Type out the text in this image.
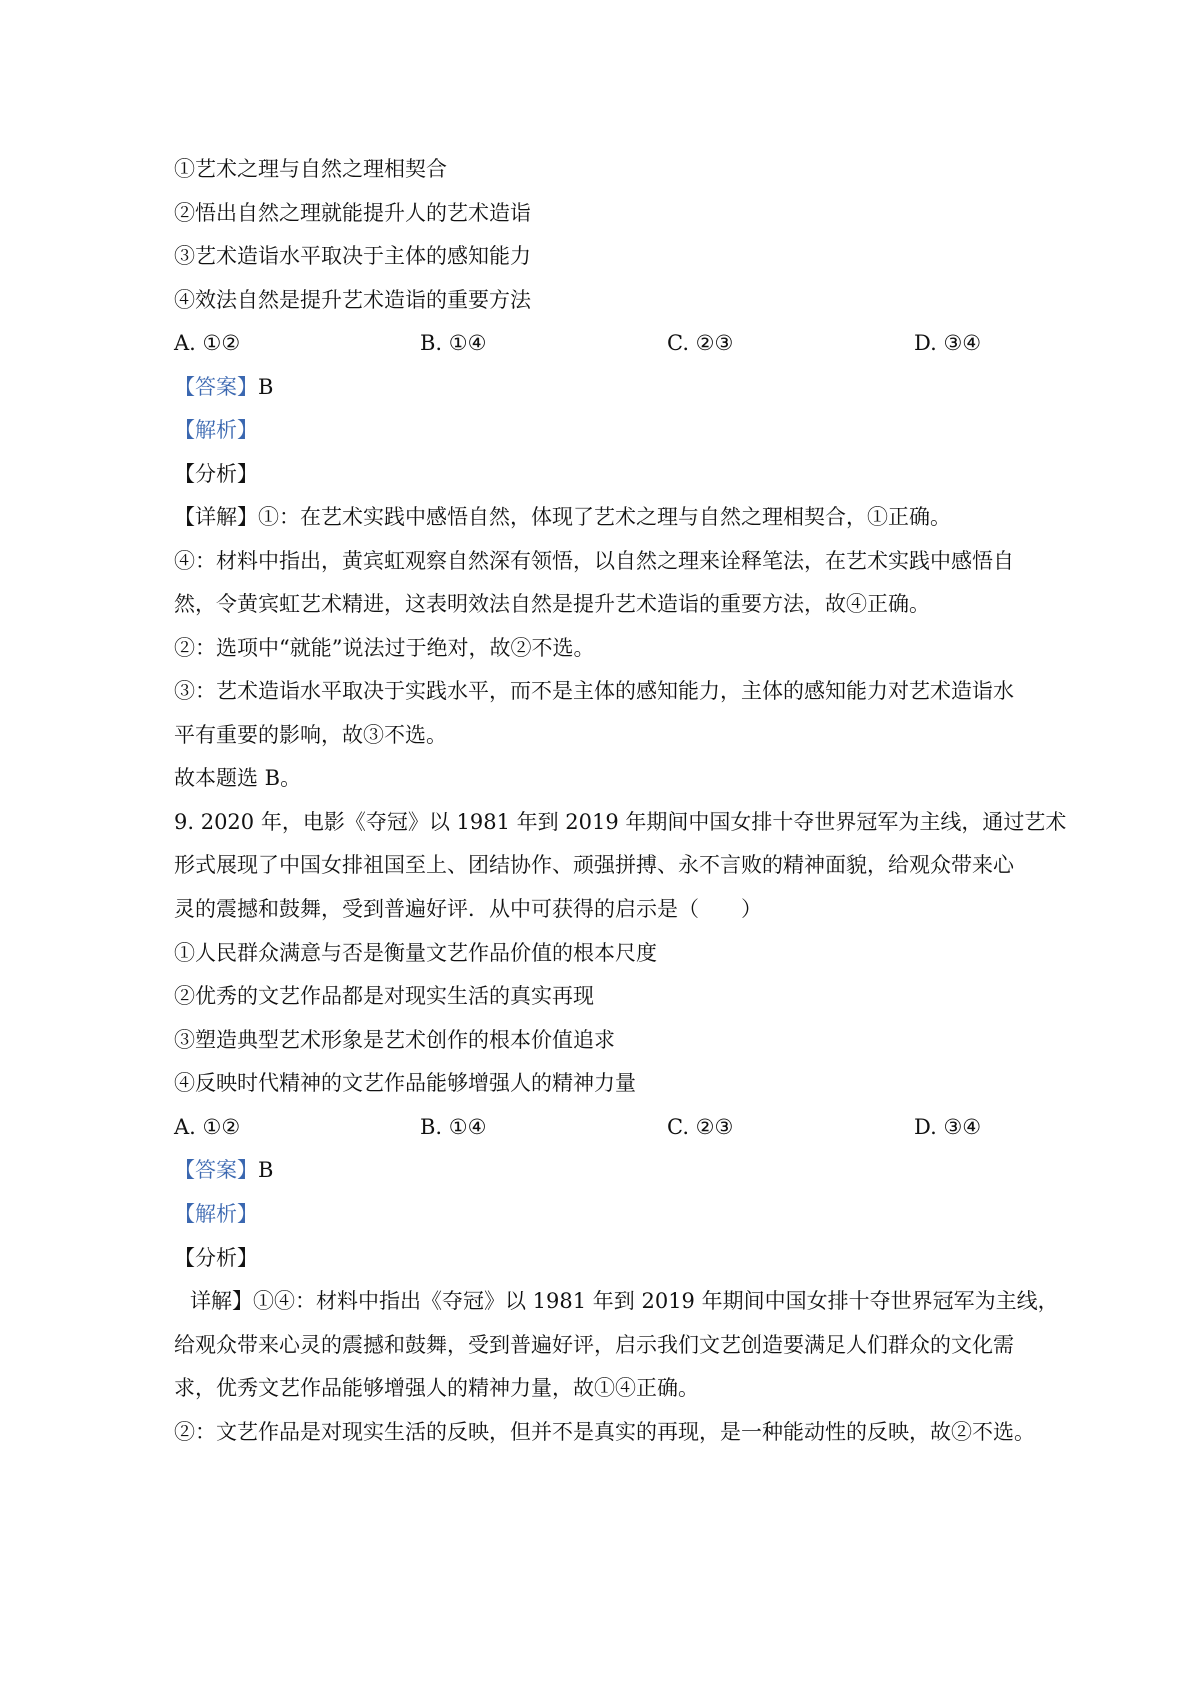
①艺术之理与自然之理相契合
②悟出自然之理就能提升人的艺术造诣
③艺术造诣水平取决于主体的感知能力
④效法自然是提升艺术造诣的重要方法
A. ①②	B. ①④	C. ②③	D. ③④
【答案】B
【解析】
【分析】
【详解】①：在艺术实践中感悟自然，体现了艺术之理与自然之理相契合，①正确。
④：材料中指出，黄宾虹观察自然深有领悟，以自然之理来诠释笔法，在艺术实践中感悟自
然，令黄宾虹艺术精进，这表明效法自然是提升艺术造诣的重要方法，故④正确。
②：选项中“就能”说法过于绝对，故②不选。
③：艺术造诣水平取决于实践水平，而不是主体的感知能力，主体的感知能力对艺术造诣水
平有重要的影响，故③不选。
故本题选 B。
9. 2020 年，电影《夺冠》以 1981 年到 2019 年期间中国女排十夺世界冠军为主线，通过艺术
形式展现了中国女排祖国至上、团结协作、顽强拼搏、永不言败的精神面貌，给观众带来心
灵的震撼和鼓舞，受到普遍好评．从中可获得的启示是（　　）
①人民群众满意与否是衡量文艺作品价值的根本尺度
②优秀的文艺作品都是对现实生活的真实再现
③塑造典型艺术形象是艺术创作的根本价值追求
④反映时代精神的文艺作品能够增强人的精神力量
A. ①②	B. ①④	C. ②③	D. ③④
【答案】B
【解析】
【分析】
详解】①④：材料中指出《夺冠》以 1981 年到 2019 年期间中国女排十夺世界冠军为主线，
给观众带来心灵的震撼和鼓舞，受到普遍好评，启示我们文艺创造要满足人们群众的文化需
求，优秀文艺作品能够增强人的精神力量，故①④正确。
②：文艺作品是对现实生活的反映，但并不是真实的再现，是一种能动性的反映，故②不选。
